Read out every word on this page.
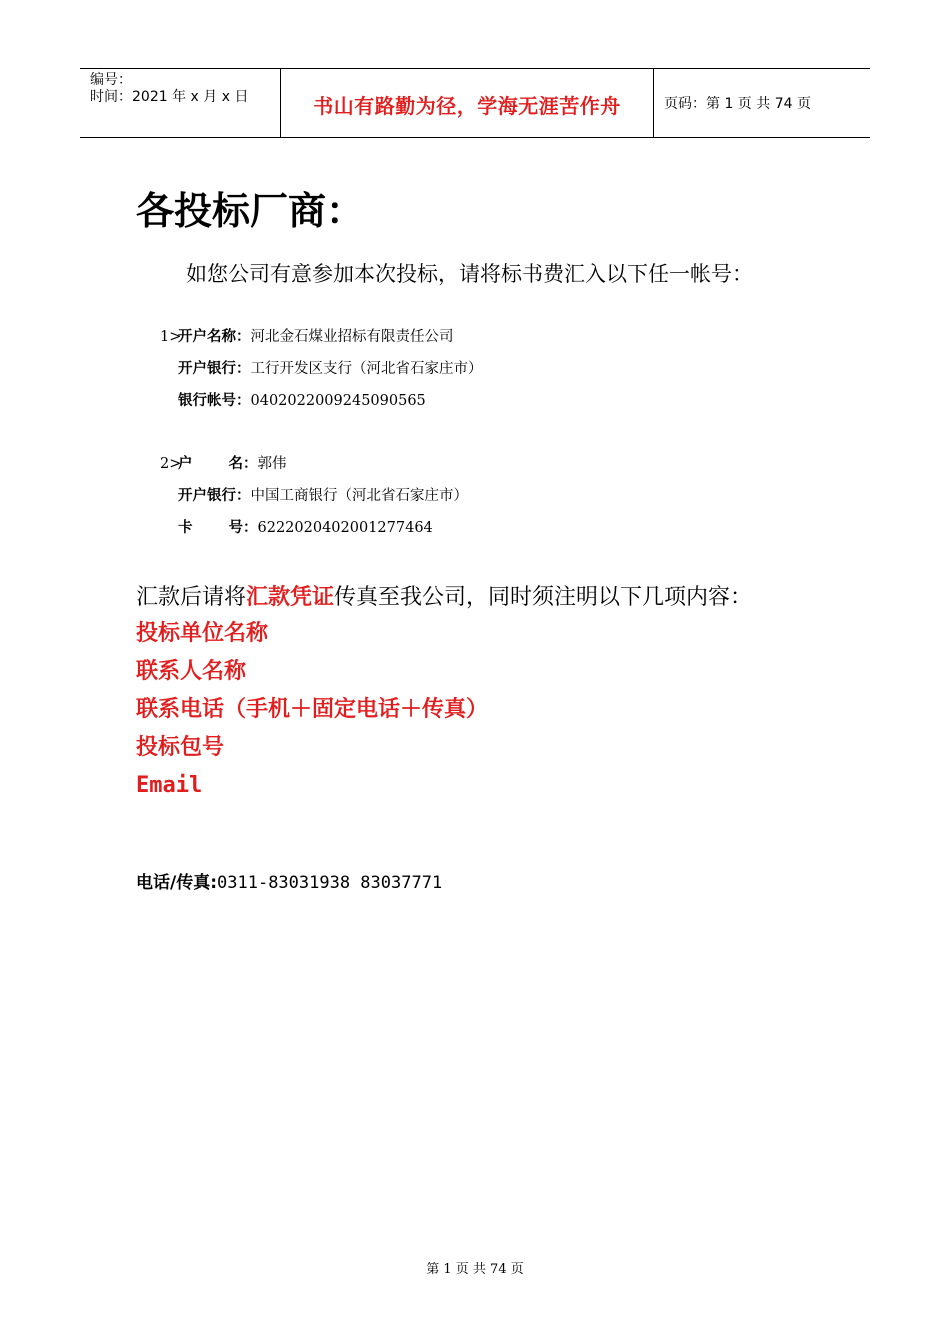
编号：
时间：2021 年 x 月 x 日	书山有路勤为径，学海无涯苦作舟	页码：第 1 页 共 74 页
各投标厂商：
如您公司有意参加本次投标，请将标书费汇入以下任一帐号：
1>
开户名称： 河北金石煤业招标有限责任公司
开户银行： 工行开发区支行（河北省石家庄市）
银行帐号： 0402022009245090565
2>
户 名： 郭伟
开户银行： 中国工商银行（河北省石家庄市）
卡 号： 6222020402001277464
汇款后请将汇款凭证传真至我公司，同时须注明以下几项内容：
投标单位名称
联系人名称
联系电话（手机＋固定电话＋传真）
投标包号
Email
电话/传真:0311-83031938 83037771
第 1 页 共 74 页
